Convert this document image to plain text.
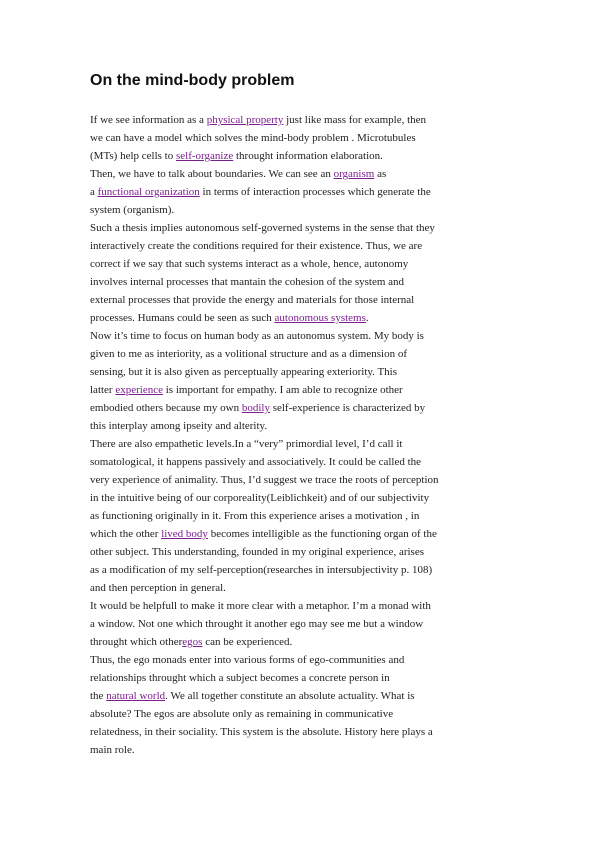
On the mind-body problem
If we see information as a physical property just like mass for example, then
we can have a model which solves the mind-body problem . Microtubules
(MTs) help cells to self-organize throught information elaboration.
Then, we have to talk about boundaries. We can see an organism as
a functional organization in terms of interaction processes which generate the
system (organism).
Such a thesis implies autonomous self-governed systems in the sense that they
interactively create the conditions required for their existence. Thus, we are
correct if we say that such systems interact as a whole, hence, autonomy
involves internal processes that mantain the cohesion of the system and
external processes that provide the energy and materials for those internal
processes. Humans could be seen as such autonomous systems.
Now it’s time to focus on human body as an autonomus system. My body is
given to me as interiority, as a volitional structure and as a dimension of
sensing, but it is also given as perceptually appearing exteriority. This
latter experience is important for empathy. I am able to recognize other
embodied others because my own bodily self-experience is characterized by
this interplay among ipseity and alterity.
There are also empathetic levels.In a “very” primordial level, I’d call it
somatological, it happens passively and associatively. It could be called the
very experience of animality. Thus, I’d suggest we trace the roots of perception
in the intuitive being of our corporeality(Leiblichkeit) and of our subjectivity
as functioning originally in it. From this experience arises a motivation , in
which the other lived body becomes intelligible as the functioning organ of the
other subject. This understanding, founded in my original experience, arises
as a modification of my self-perception(researches in intersubjectivity p. 108)
and then perception in general.
It would be helpfull to make it more clear with a metaphor. I’m a monad with
a window. Not one which throught it another ego may see me but a window
throught which otheregos can be experienced.
Thus, the ego monads enter into various forms of ego-communities and
relationships throught which a subject becomes a concrete person in
the natural world. We all together constitute an absolute actuality. What is
absolute? The egos are absolute only as remaining in communicative
relatedness, in their sociality. This system is the absolute. History here plays a
main role.
